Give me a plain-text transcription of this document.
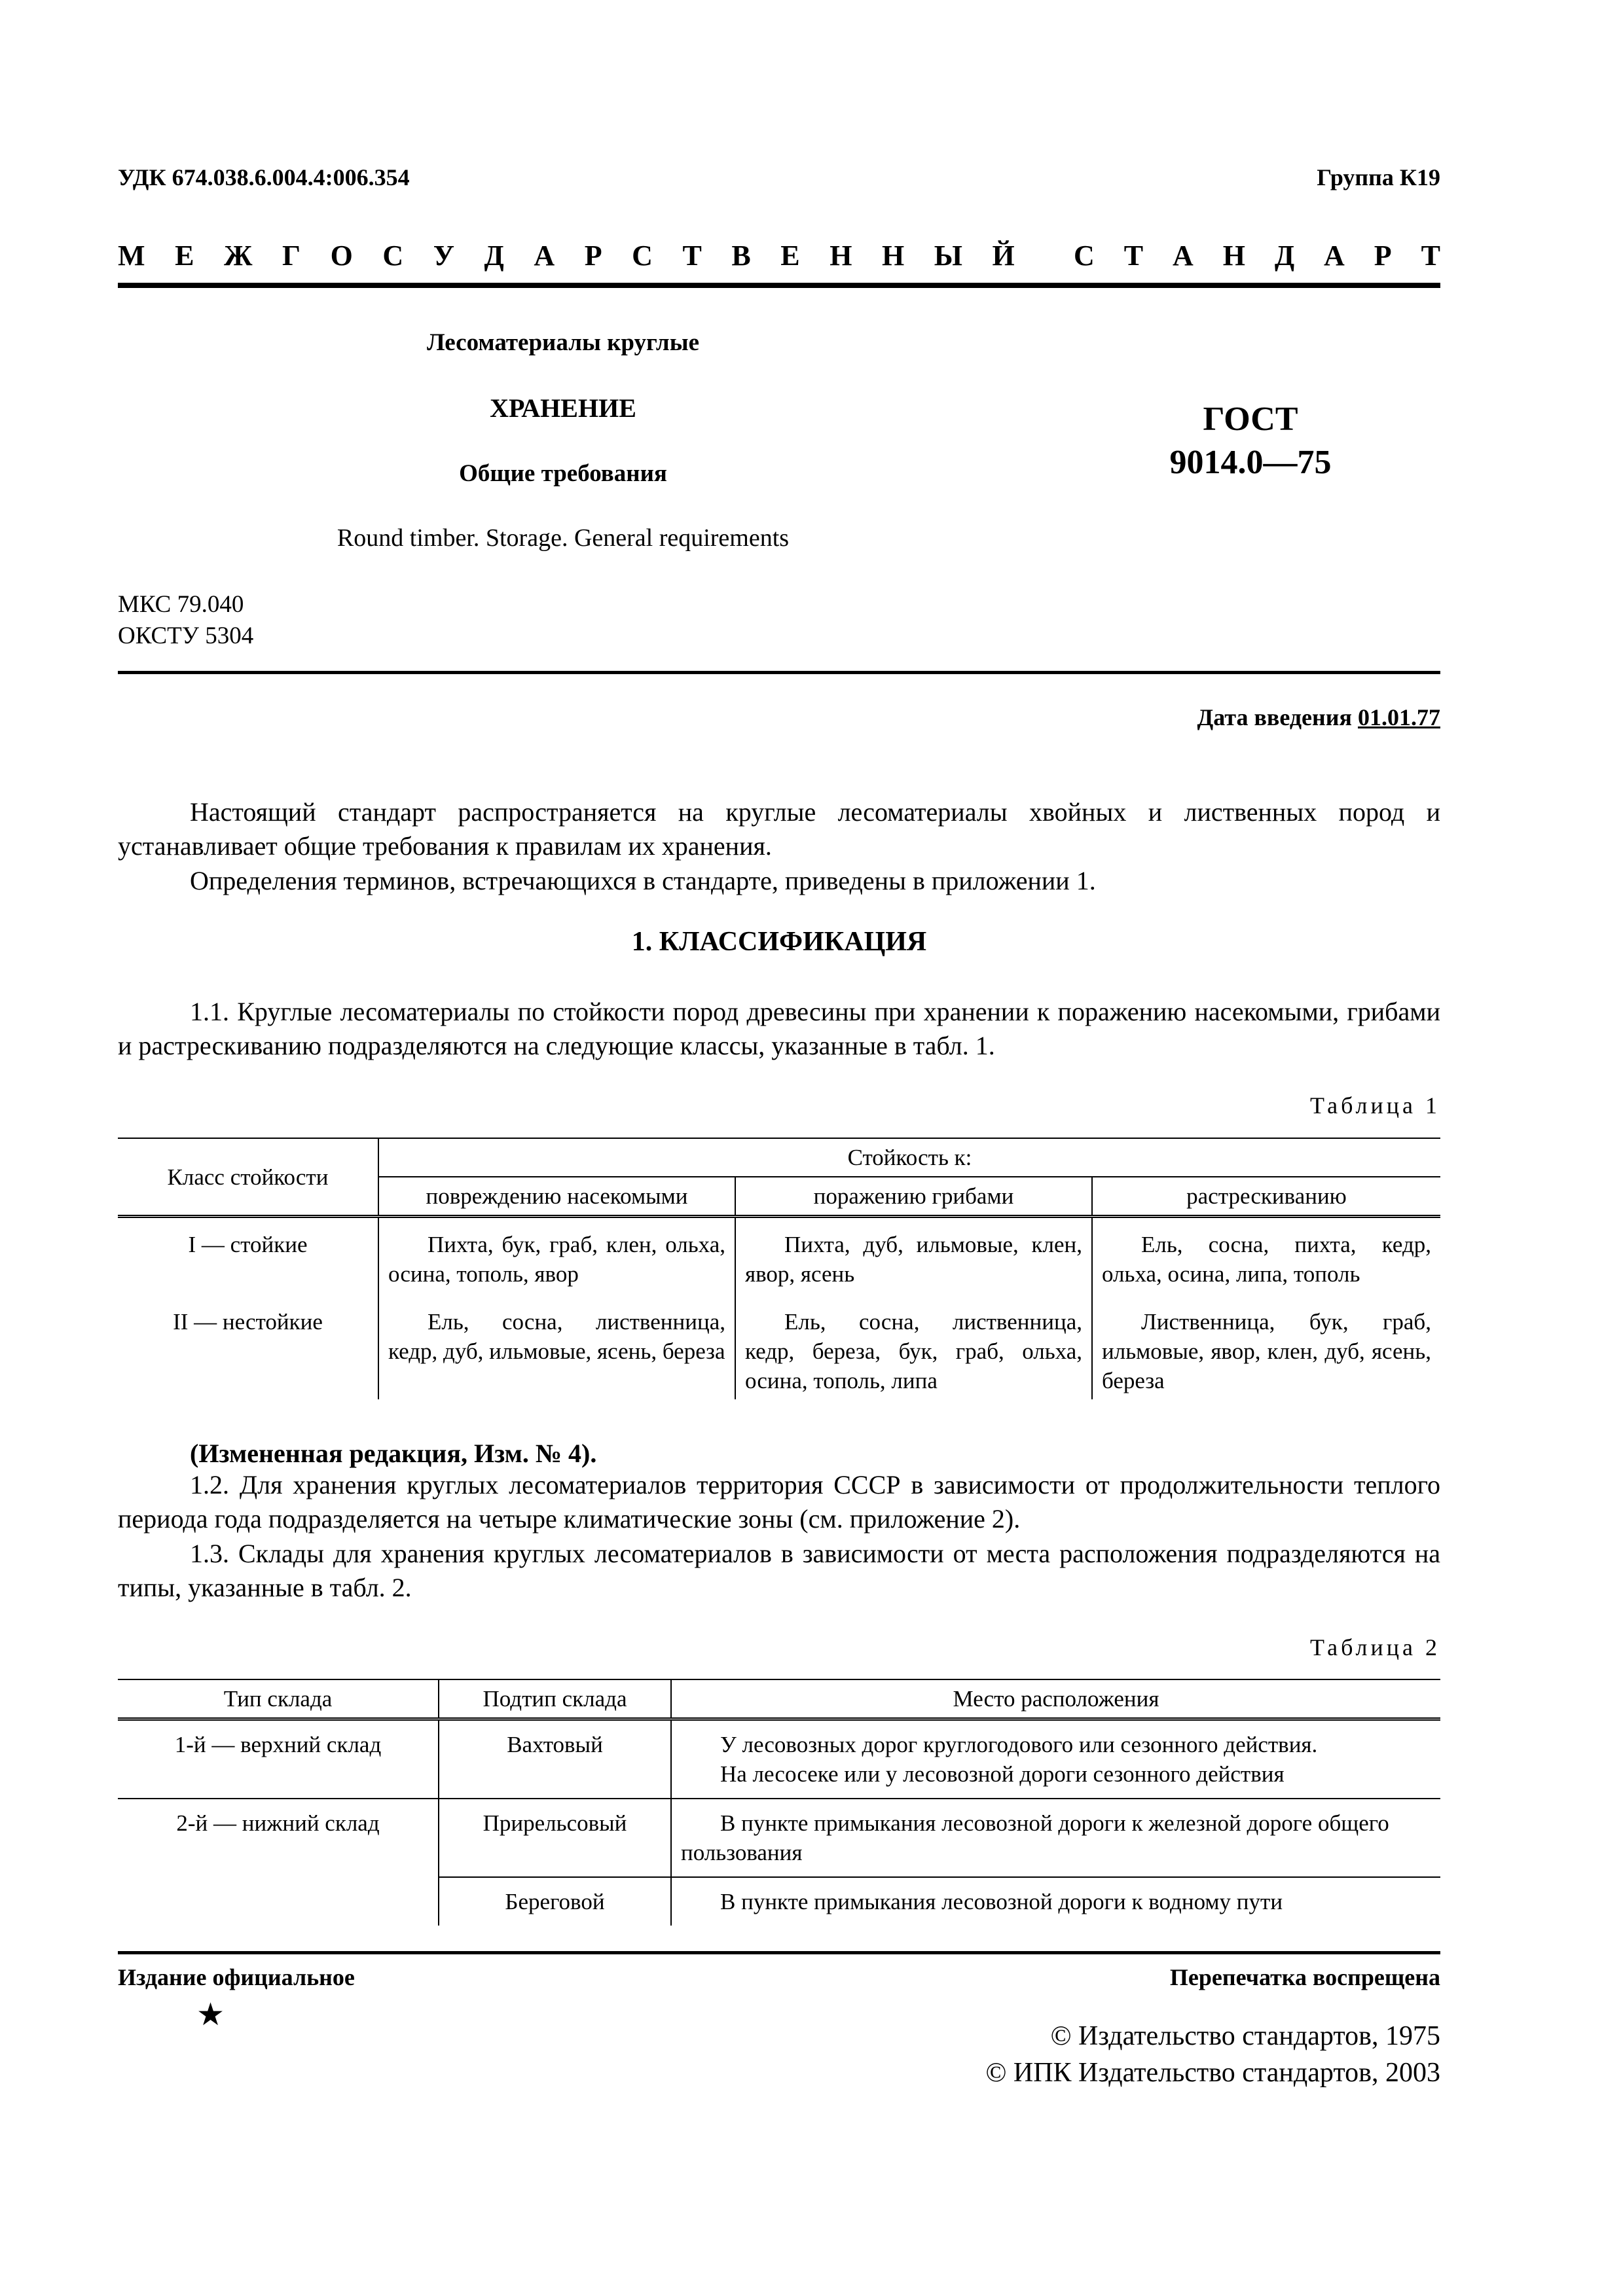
УДК 674.038.6.004.4:006.354	Группа К19
М Е Ж Г О С У Д А Р С Т В Е Н Н Ы Й С Т А Н Д А Р Т
Лесоматериалы круглые
ХРАНЕНИЕ
Общие требования
Round timber. Storage. General requirements
ГОСТ
9014.0—75
МКС 79.040
ОКСТУ 5304
Дата введения 01.01.77
Настоящий стандарт распространяется на круглые лесоматериалы хвойных и лиственных пород и устанавливает общие требования к правилам их хранения.
Определения терминов, встречающихся в стандарте, приведены в приложении 1.
1. КЛАССИФИКАЦИЯ
1.1. Круглые лесоматериалы по стойкости пород древесины при хранении к поражению насекомыми, грибами и растрескиванию подразделяются на следующие классы, указанные в табл. 1.
Таблица 1
Класс стойкости	Стойкость к:		
	повреждению насекомыми	поражению грибами	растрескиванию
I — стойкие	Пихта, бук, граб, клен, ольха, осина, тополь, явор	Пихта, дуб, ильмовые, клен, явор, ясень	Ель, сосна, пихта, кедр, ольха, осина, липа, тополь

II — нестойкие	Ель, сосна, лиственница, кедр, дуб, ильмовые, ясень, береза	Ель, сосна, лиственница, кедр, береза, бук, граб, ольха, осина, тополь, липа	Лиственница, бук, граб, ильмовые, явор, клен, дуб, ясень, береза
(Измененная редакция, Изм. № 4).
1.2. Для хранения круглых лесоматериалов территория СССР в зависимости от продолжительности теплого периода года подразделяется на четыре климатические зоны (см. приложение 2).
1.3. Склады для хранения круглых лесоматериалов в зависимости от места расположения подразделяются на типы, указанные в табл. 2.
Таблица 2
Тип склада	Подтип склада	Место расположения
1-й — верхний склад	Вахтовый	У лесовозных дорог круглогодового или сезонного действия.
На лесосеке или у лесовозной дороги сезонного действия

2-й — нижний склад	Прирельсовый	В пункте примыкания лесовозной дороги к железной дороге общего пользования
	Береговой	В пункте примыкания лесовозной дороги к водному пути
Издание официальное	Перепечатка воспрещена
★
© Издательство стандартов, 1975
© ИПК Издательство стандартов, 2003
